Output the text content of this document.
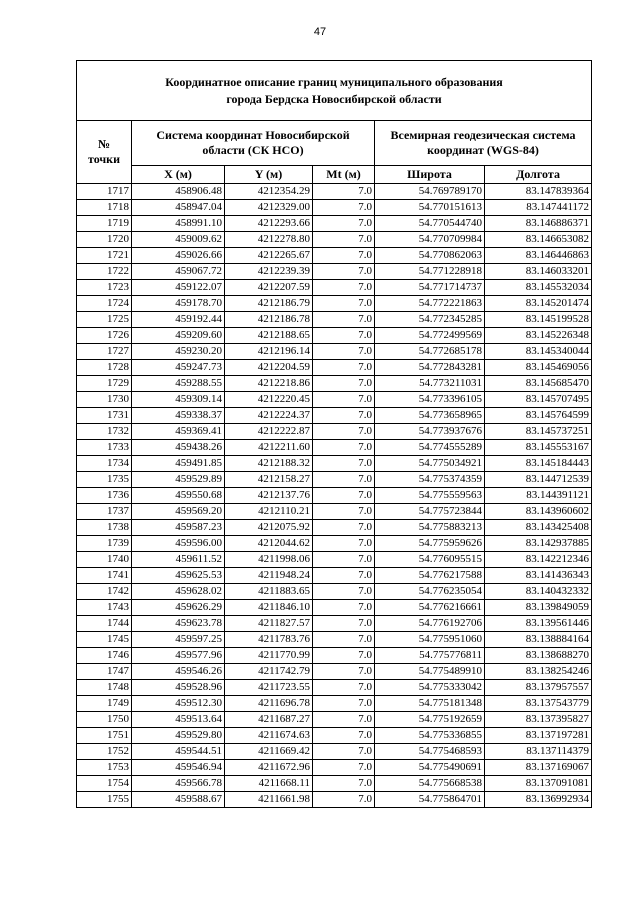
47
Координатное описание границ муниципального образования
города Бердска Новосибирской области					

№
точки	Система координат Новосибирской области (СК НСО)			Всемирная геодезическая система координат (WGS-84)	
	X (м)	Y (м)	Mt (м)	Широта	Долгота
1717	458906.48	4212354.29	7.0	54.769789170	83.147839364
1718	458947.04	4212329.00	7.0	54.770151613	83.147441172
1719	458991.10	4212293.66	7.0	54.770544740	83.146886371
1720	459009.62	4212278.80	7.0	54.770709984	83.146653082
1721	459026.66	4212265.67	7.0	54.770862063	83.146446863
1722	459067.72	4212239.39	7.0	54.771228918	83.146033201
1723	459122.07	4212207.59	7.0	54.771714737	83.145532034
1724	459178.70	4212186.79	7.0	54.772221863	83.145201474
1725	459192.44	4212186.78	7.0	54.772345285	83.145199528
1726	459209.60	4212188.65	7.0	54.772499569	83.145226348
1727	459230.20	4212196.14	7.0	54.772685178	83.145340044
1728	459247.73	4212204.59	7.0	54.772843281	83.145469056
1729	459288.55	4212218.86	7.0	54.773211031	83.145685470
1730	459309.14	4212220.45	7.0	54.773396105	83.145707495
1731	459338.37	4212224.37	7.0	54.773658965	83.145764599
1732	459369.41	4212222.87	7.0	54.773937676	83.145737251
1733	459438.26	4212211.60	7.0	54.774555289	83.145553167
1734	459491.85	4212188.32	7.0	54.775034921	83.145184443
1735	459529.89	4212158.27	7.0	54.775374359	83.144712539
1736	459550.68	4212137.76	7.0	54.775559563	83.144391121
1737	459569.20	4212110.21	7.0	54.775723844	83.143960602
1738	459587.23	4212075.92	7.0	54.775883213	83.143425408
1739	459596.00	4212044.62	7.0	54.775959626	83.142937885
1740	459611.52	4211998.06	7.0	54.776095515	83.142212346
1741	459625.53	4211948.24	7.0	54.776217588	83.141436343
1742	459628.02	4211883.65	7.0	54.776235054	83.140432332
1743	459626.29	4211846.10	7.0	54.776216661	83.139849059
1744	459623.78	4211827.57	7.0	54.776192706	83.139561446
1745	459597.25	4211783.76	7.0	54.775951060	83.138884164
1746	459577.96	4211770.99	7.0	54.775776811	83.138688270
1747	459546.26	4211742.79	7.0	54.775489910	83.138254246
1748	459528.96	4211723.55	7.0	54.775333042	83.137957557
1749	459512.30	4211696.78	7.0	54.775181348	83.137543779
1750	459513.64	4211687.27	7.0	54.775192659	83.137395827
1751	459529.80	4211674.63	7.0	54.775336855	83.137197281
1752	459544.51	4211669.42	7.0	54.775468593	83.137114379
1753	459546.94	4211672.96	7.0	54.775490691	83.137169067
1754	459566.78	4211668.11	7.0	54.775668538	83.137091081
1755	459588.67	4211661.98	7.0	54.775864701	83.136992934
